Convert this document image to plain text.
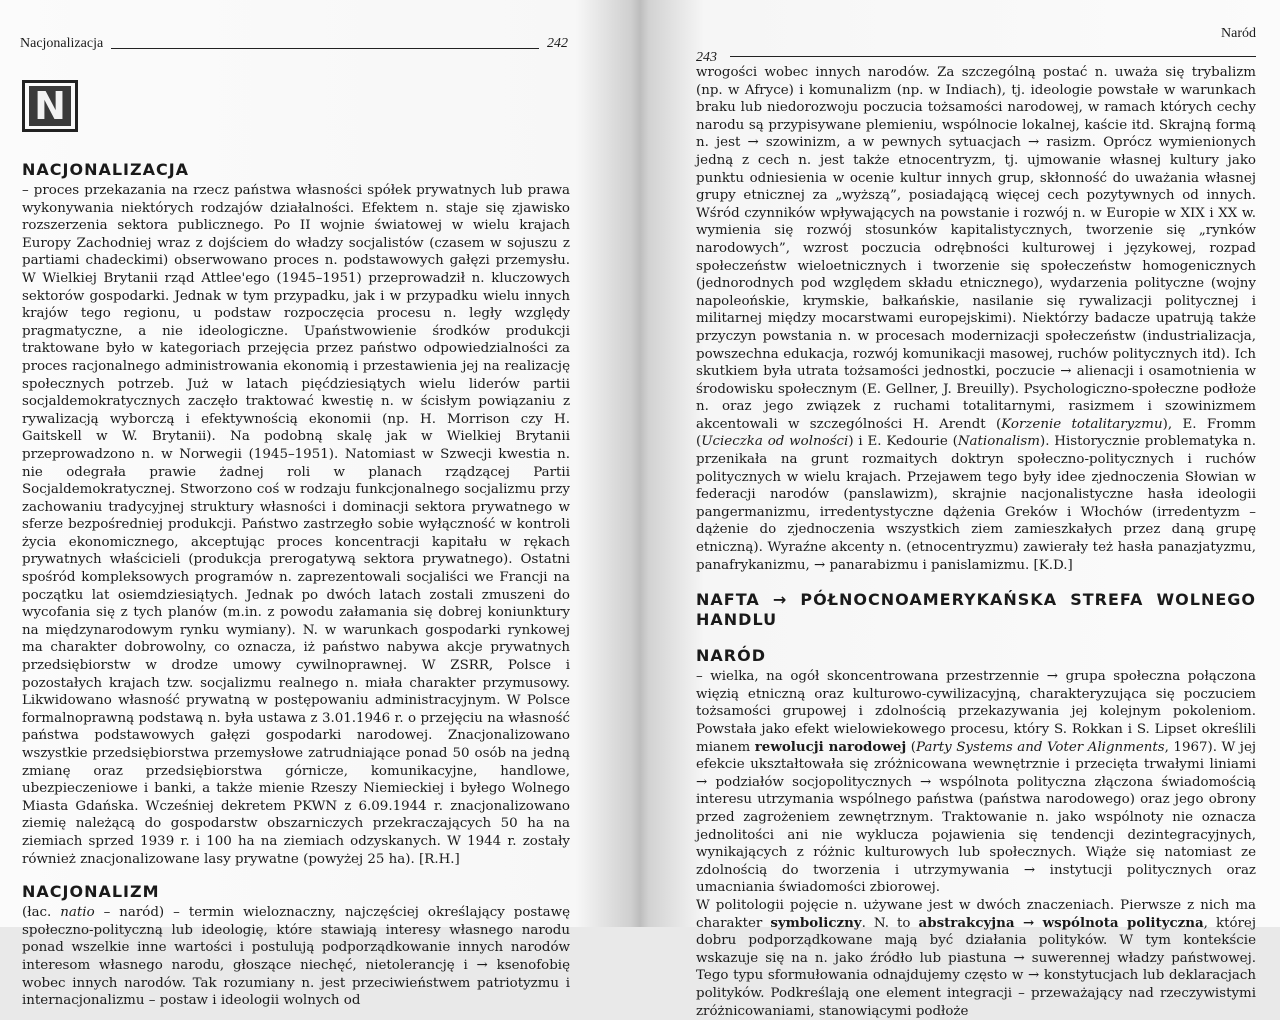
Nacjonalizacja	242
N
NACJONALIZACJA

– proces przekazania na rzecz państwa własności spółek prywatnych lub prawa wykonywania niektórych rodzajów działalności. Efektem n. staje się zjawisko rozszerzenia sektora publicznego. Po II wojnie światowej w wielu krajach Europy Zachodniej wraz z dojściem do władzy socjalistów (czasem w sojuszu z partiami chadeckimi) obserwowano proces n. podstawowych gałęzi przemysłu. W Wielkiej Brytanii rząd Attlee'ego (1945–1951) przeprowadził n. kluczowych sektorów gospodarki. Jednak w tym przypadku, jak i w przypadku wielu innych krajów tego regionu, u podstaw rozpoczęcia procesu n. legły względy pragmatyczne, a nie ideologiczne. Upaństwowienie środków produkcji traktowane było w kategoriach przejęcia przez państwo odpowiedzialności za proces racjonalnego administrowania ekonomią i przestawienia jej na realizację społecznych potrzeb. Już w latach pięćdziesiątych wielu liderów partii socjaldemokratycznych zaczęło traktować kwestię n. w ścisłym powiązaniu z rywalizacją wyborczą i efektywnością ekonomii (np. H. Morrison czy H. Gaitskell w W. Brytanii). Na podobną skalę jak w Wielkiej Brytanii przeprowadzono n. w Norwegii (1945–1951). Natomiast w Szwecji kwestia n. nie odegrała prawie żadnej roli w planach rządzącej Partii Socjaldemokratycznej. Stworzono coś w rodzaju funkcjonalnego socjalizmu przy zachowaniu tradycyjnej struktury własności i dominacji sektora prywatnego w sferze bezpośredniej produkcji. Państwo zastrzegło sobie wyłączność w kontroli życia ekonomicznego, akceptując proces koncentracji kapitału w rękach prywatnych właścicieli (produkcja prerogatywą sektora prywatnego). Ostatni spośród kompleksowych programów n. zaprezentowali socjaliści we Francji na początku lat osiemdziesiątych. Jednak po dwóch latach zostali zmuszeni do wycofania się z tych planów (m.in. z powodu załamania się dobrej koniunktury na międzynarodowym rynku wymiany). N. w warunkach gospodarki rynkowej ma charakter dobrowolny, co oznacza, iż państwo nabywa akcje prywatnych przedsiębiorstw w drodze umowy cywilnoprawnej. W ZSRR, Polsce i pozostałych krajach tzw. socjalizmu realnego n. miała charakter przymusowy. Likwidowano własność prywatną w postępowaniu administracyjnym. W Polsce formalnoprawną podstawą n. była ustawa z 3.01.1946 r. o przejęciu na własność państwa podstawowych gałęzi gospodarki narodowej. Znacjonalizowano wszystkie przedsiębiorstwa przemysłowe zatrudniające ponad 50 osób na jedną zmianę oraz przedsiębiorstwa górnicze, komunikacyjne, handlowe, ubezpieczeniowe i banki, a także mienie Rzeszy Niemieckiej i byłego Wolnego Miasta Gdańska. Wcześniej dekretem PKWN z 6.09.1944 r. znacjonalizowano ziemię należącą do gospodarstw obszarniczych przekraczających 50 ha na ziemiach sprzed 1939 r. i 100 ha na ziemiach odzyskanych. W 1944 r. zostały również znacjonalizowane lasy prywatne (powyżej 25 ha). [R.H.]

NACJONALIZM

(łac. natio – naród) – termin wieloznaczny, najczęściej określający postawę społeczno-polityczną lub ideologię, które stawiają interesy własnego narodu ponad wszelkie inne wartości i postulują podporządkowanie innych narodów interesom własnego narodu, głoszące niechęć, nietolerancję i → ksenofobię wobec innych narodów. Tak rozumiany n. jest przeciwieństwem patriotyzmu i internacjonalizmu – postaw i ideologii wolnych od

Naród
243

wrogości wobec innych narodów. Za szczególną postać n. uważa się trybalizm (np. w Afryce) i komunalizm (np. w Indiach), tj. ideologie powstałe w warunkach braku lub niedorozwoju poczucia tożsamości narodowej, w ramach których cechy narodu są przypisywane plemieniu, wspólnocie lokalnej, kaście itd. Skrajną formą n. jest → szowinizm, a w pewnych sytuacjach → rasizm. Oprócz wymienionych jedną z cech n. jest także etnocentryzm, tj. ujmowanie własnej kultury jako punktu odniesienia w ocenie kultur innych grup, skłonność do uważania własnej grupy etnicznej za „wyższą”, posiadającą więcej cech pozytywnych od innych. Wśród czynników wpływających na powstanie i rozwój n. w Europie w XIX i XX w. wymienia się rozwój stosunków kapitalistycznych, tworzenie się „rynków narodowych”, wzrost poczucia odrębności kulturowej i językowej, rozpad społeczeństw wieloetnicznych i tworzenie się społeczeństw homogenicznych (jednorodnych pod względem składu etnicznego), wydarzenia polityczne (wojny napoleońskie, krymskie, bałkańskie, nasilanie się rywalizacji politycznej i militarnej między mocarstwami europejskimi). Niektórzy badacze upatrują także przyczyn powstania n. w procesach modernizacji społeczeństw (industrializacja, powszechna edukacja, rozwój komunikacji masowej, ruchów politycznych itd). Ich skutkiem była utrata tożsamości jednostki, poczucie → alienacji i osamotnienia w środowisku społecznym (E. Gellner, J. Breuilly). Psychologiczno-społeczne podłoże n. oraz jego związek z ruchami totalitarnymi, rasizmem i szowinizmem akcentowali w szczególności H. Arendt (Korzenie totalitaryzmu), E. Fromm (Ucieczka od wolności) i E. Kedourie (Nationalism). Historycznie problematyka n. przenikała na grunt rozmaitych doktryn społeczno-politycznych i ruchów politycznych w wielu krajach. Przejawem tego były idee zjednoczenia Słowian w federacji narodów (panslawizm), skrajnie nacjonalistyczne hasła ideologii pangermanizmu, irredentystyczne dążenia Greków i Włochów (irredentyzm – dążenie do zjednoczenia wszystkich ziem zamieszkałych przez daną grupę etniczną). Wyraźne akcenty n. (etnocentryzmu) zawierały też hasła panazjatyzmu, panafrykanizmu, → panarabizmu i panislamizmu. [K.D.]

NAFTA → PÓŁNOCNOAMERYKAŃSKA STREFA WOLNEGO HANDLU
NARÓD

– wielka, na ogół skoncentrowana przestrzennie → grupa społeczna połączona więzią etniczną oraz kulturowo-cywilizacyjną, charakteryzująca się poczuciem tożsamości grupowej i zdolnością przekazywania jej kolejnym pokoleniom. Powstała jako efekt wielowiekowego procesu, który S. Rokkan i S. Lipset określili mianem rewolucji narodowej (Party Systems and Voter Alignments, 1967). W jej efekcie ukształtowała się zróżnicowana wewnętrznie i przecięta trwałymi liniami → podziałów socjopolitycznych → wspólnota polityczna złączona świadomością interesu utrzymania wspólnego państwa (państwa narodowego) oraz jego obrony przed zagrożeniem zewnętrznym. Traktowanie n. jako wspólnoty nie oznacza jednolitości ani nie wyklucza pojawienia się tendencji dezintegracyjnych, wynikających z różnic kulturowych lub społecznych. Wiąże się natomiast ze zdolnością do tworzenia i utrzymywania → instytucji politycznych oraz umacniania świadomości zbiorowej.

W politologii pojęcie n. używane jest w dwóch znaczeniach. Pierwsze z nich ma charakter symboliczny. N. to abstrakcyjna → wspólnota polityczna, której dobru podporządkowane mają być działania polityków. W tym kontekście wskazuje się na n. jako źródło lub piastuna → suwerennej władzy państwowej. Tego typu sformułowania odnajdujemy często w → konstytucjach lub deklaracjach polityków. Podkreślają one element integracji – przeważający nad rzeczywistymi zróżnicowaniami, stanowiącymi podłoże
